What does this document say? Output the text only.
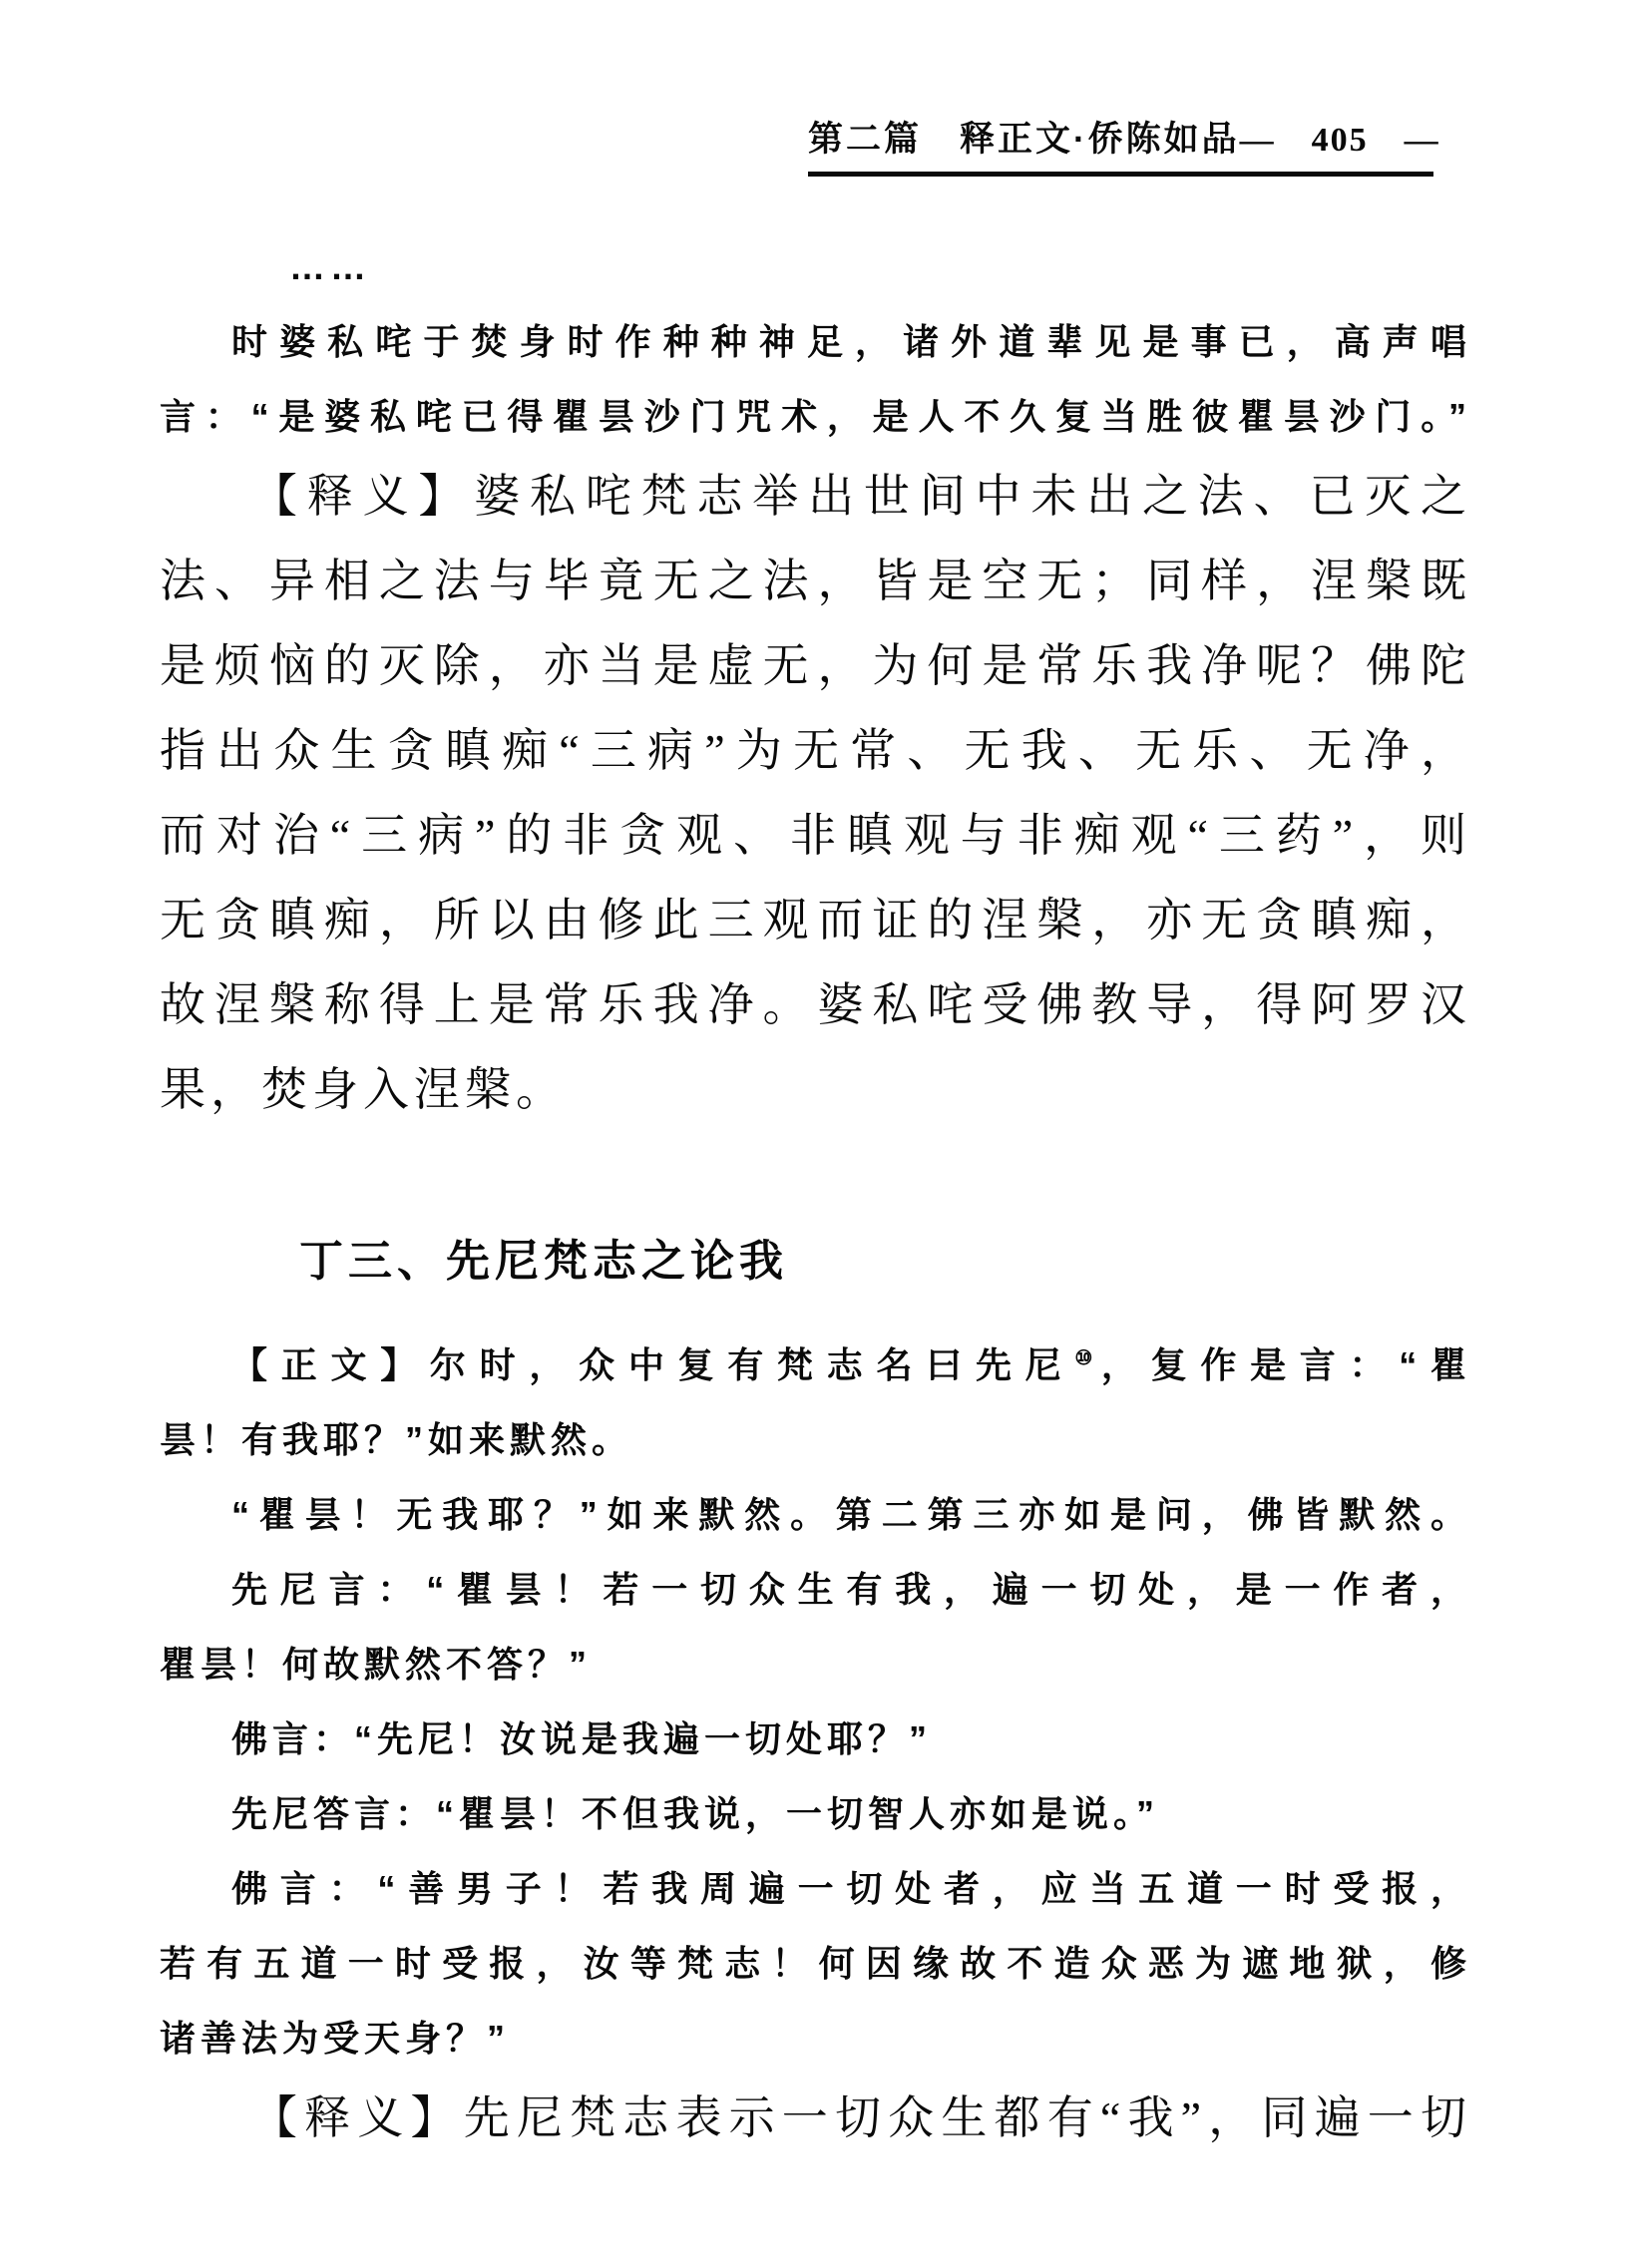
第二篇　释正文·侨陈如品 —　405　—
……
时婆私咤于焚身时作种种神足，诸外道辈见是事已，高声唱
言：“是婆私咤已得瞿昙沙门咒术，是人不久复当胜彼瞿昙沙门。”
【释义】婆私咤梵志举出世间中未出之法、已灭之
法、异相之法与毕竟无之法，皆是空无；同样，涅槃既
是烦恼的灭除，亦当是虚无，为何是常乐我净呢？佛陀
指出众生贪瞋痴“三病”为无常、无我、无乐、无净，
而对治“三病”的非贪观、非瞋观与非痴观“三药”，则
无贪瞋痴，所以由修此三观而证的涅槃，亦无贪瞋痴，
故涅槃称得上是常乐我净。婆私咤受佛教导，得阿罗汉
果，焚身入涅槃。
丁三、先尼梵志之论我
【正文】尔时，众中复有梵志名曰先尼⑩，复作是言：“瞿
昙！有我耶？”如来默然。
“瞿昙！无我耶？”如来默然。第二第三亦如是问，佛皆默然。
先尼言：“瞿昙！若一切众生有我，遍一切处，是一作者，
瞿昙！何故默然不答？”
佛言：“先尼！汝说是我遍一切处耶？”
先尼答言：“瞿昙！不但我说，一切智人亦如是说。”
佛言：“善男子！若我周遍一切处者，应当五道一时受报，
若有五道一时受报，汝等梵志！何因缘故不造众恶为遮地狱，修
诸善法为受天身？”
【释义】先尼梵志表示一切众生都有“我”，同遍一切
